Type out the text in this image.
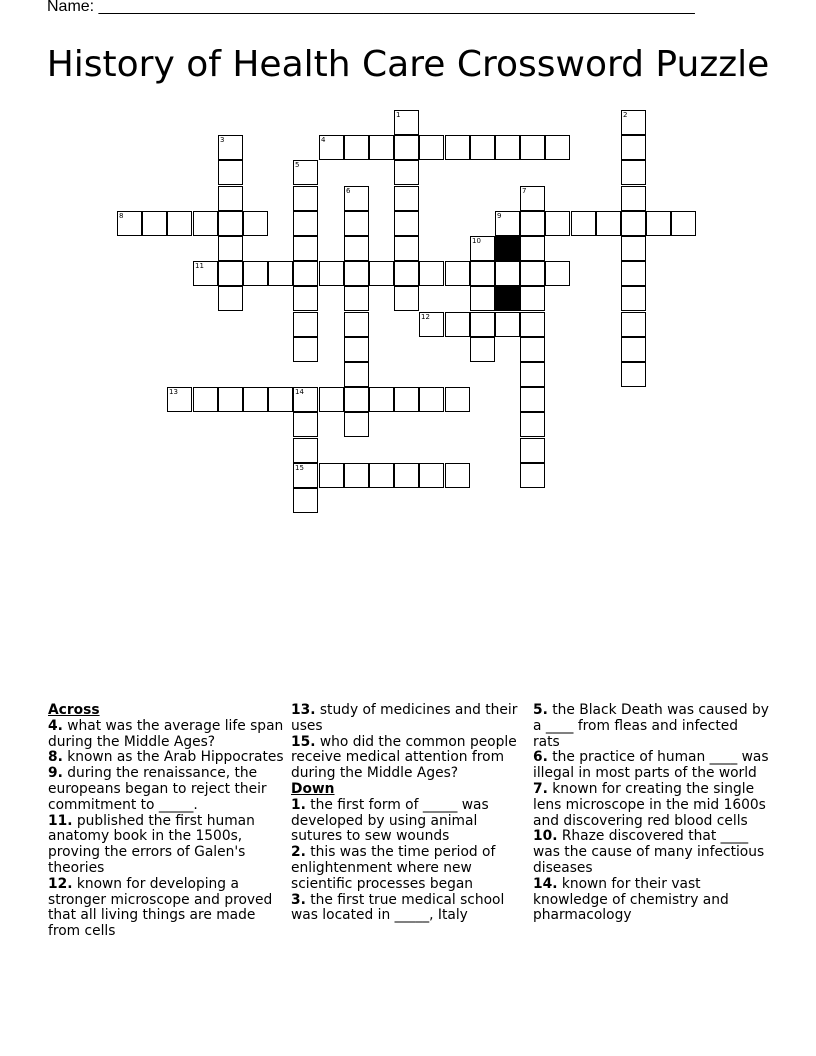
Name: ___________________________________________________________________
History of Health Care Crossword Puzzle
1	2
3	4
5
6	7
8	9
10
11
12
13	14
15
Across
4. what was the average life span during the Middle Ages?
8. known as the Arab Hippocrates
9. during the renaissance, the europeans began to reject their commitment to _____.
11. published the first human anatomy book in the 1500s, proving the errors of Galen's theories
12. known for developing a stronger microscope and proved that all living things are made from cells
13. study of medicines and their uses
15. who did the common people receive medical attention from during the Middle Ages?
Down
1. the first form of _____ was developed by using animal sutures to sew wounds
2. this was the time period of enlightenment where new scientific processes began
3. the first true medical school was located in _____, Italy
5. the Black Death was caused by a ____ from fleas and infected rats
6. the practice of human ____ was illegal in most parts of the world
7. known for creating the single lens microscope in the mid 1600s and discovering red blood cells
10. Rhaze discovered that ____ was the cause of many infectious diseases
14. known for their vast knowledge of chemistry and pharmacology
